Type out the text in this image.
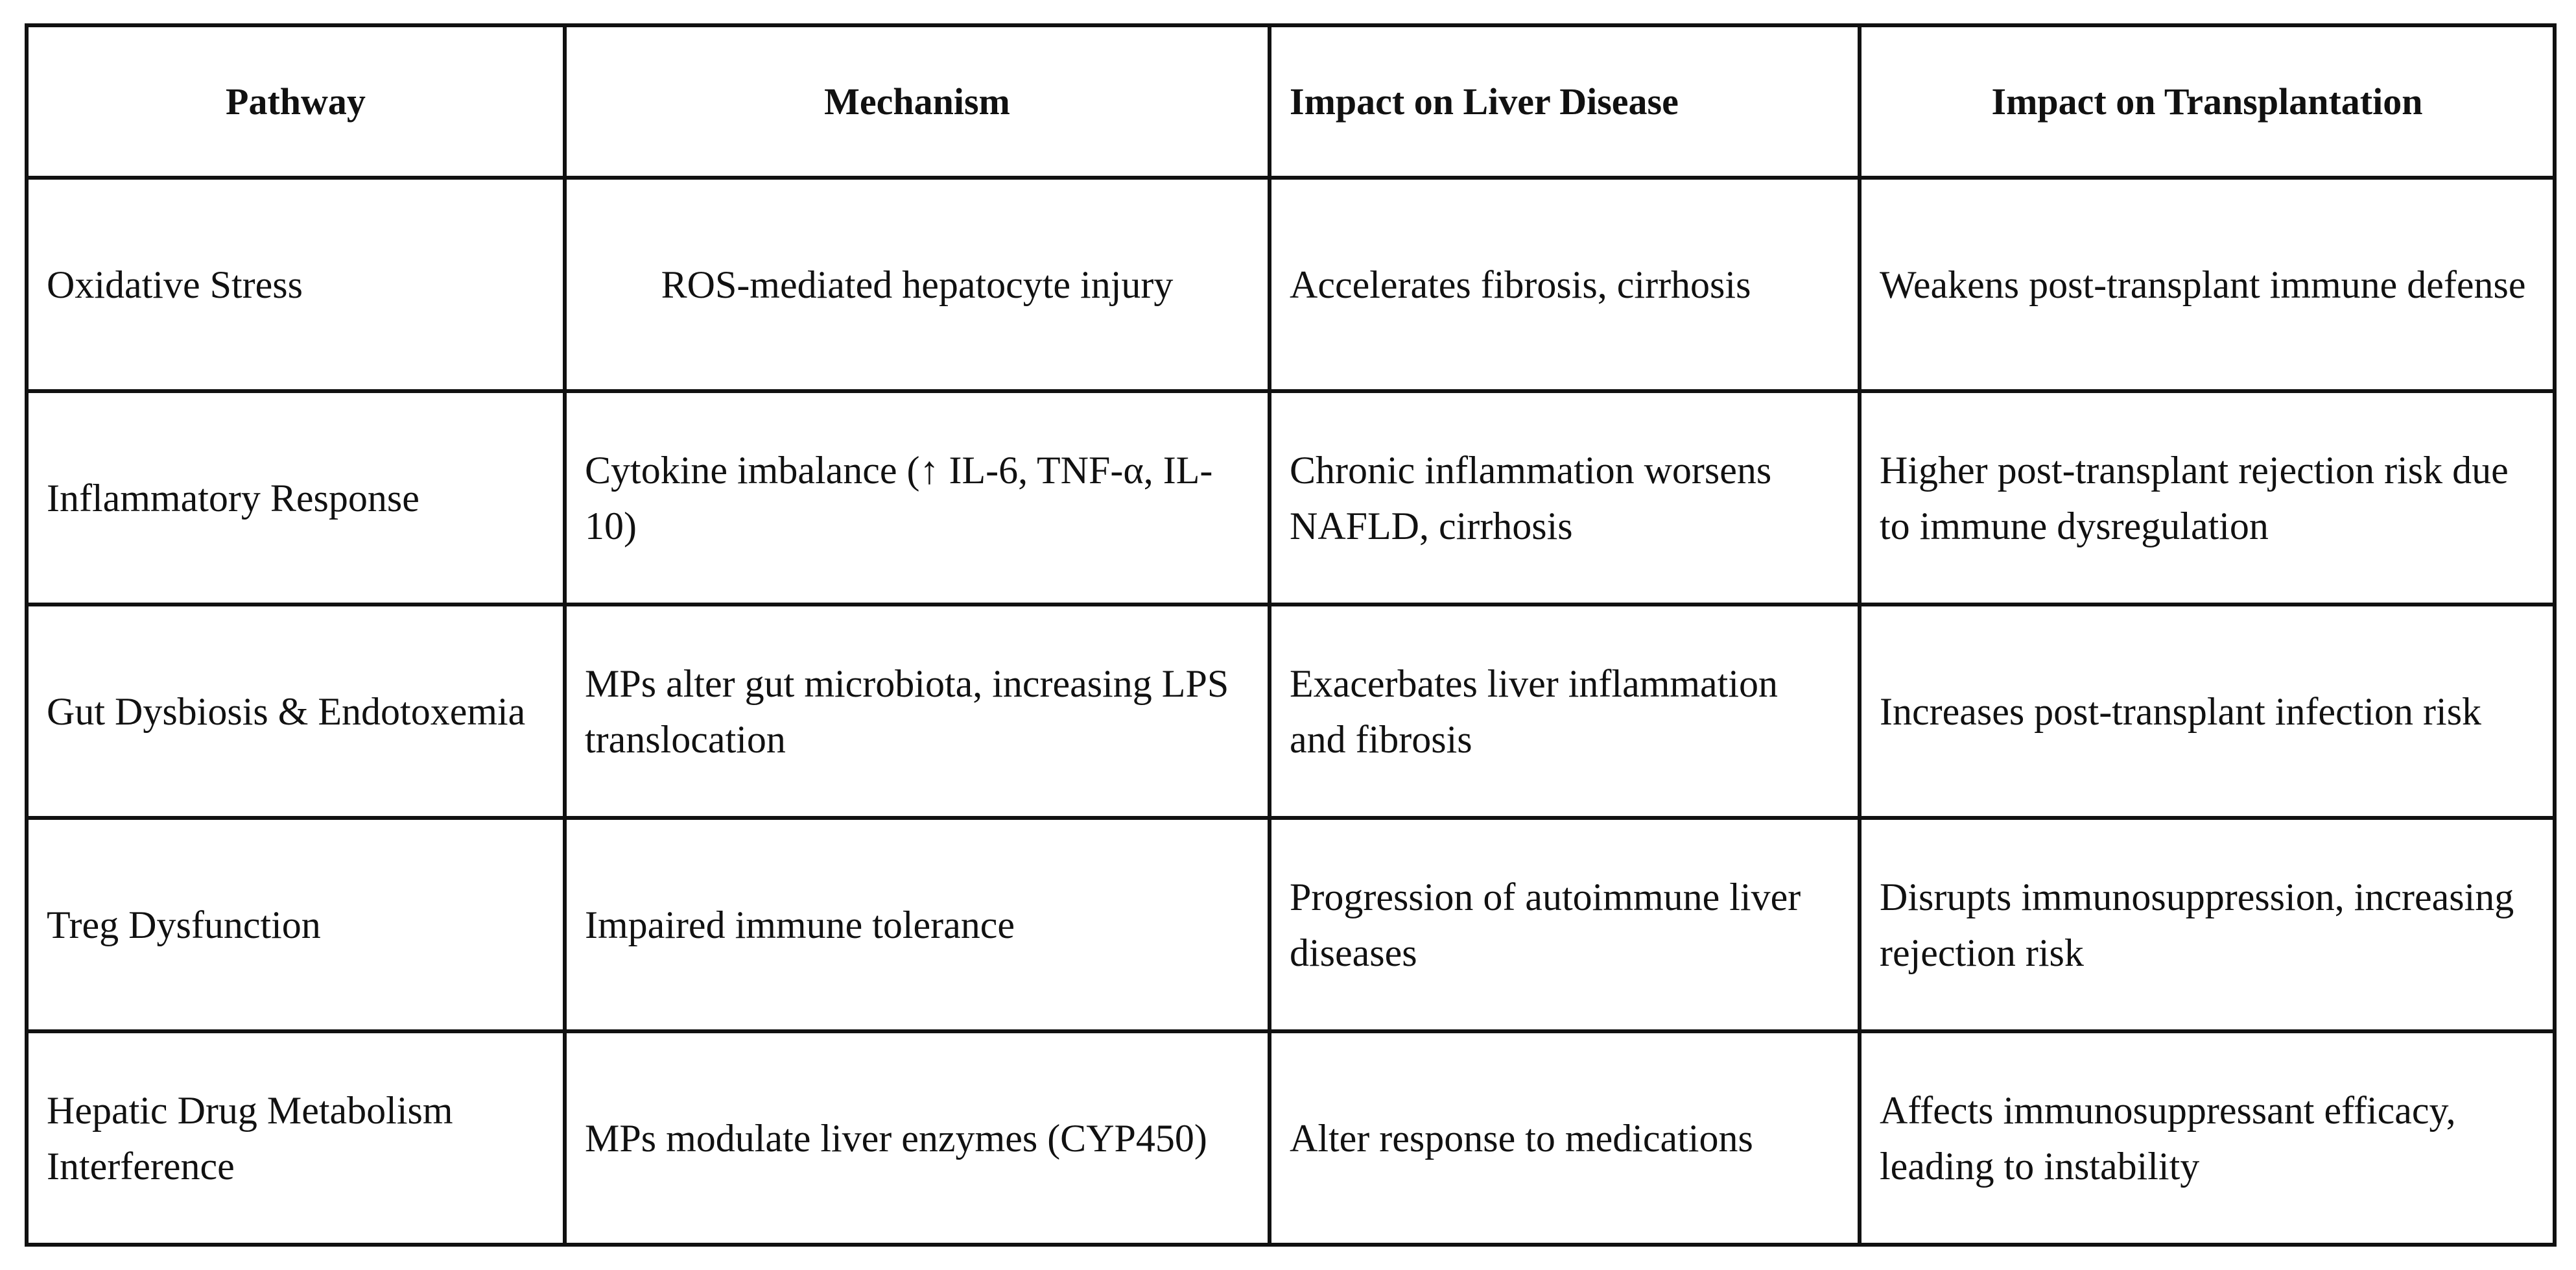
Pathway	Mechanism	Impact on Liver Disease	Impact on Transplantation
Oxidative Stress	ROS-mediated hepatocyte injury	Accelerates fibrosis, cirrhosis	Weakens post-transplant immune defense
Inflammatory Response	Cytokine imbalance (↑ IL-6, TNF-α, IL-10)	Chronic inflammation worsens NAFLD, cirrhosis	Higher post-transplant rejection risk due to immune dysregulation
Gut Dysbiosis & Endotoxemia	MPs alter gut microbiota, increasing LPS translocation	Exacerbates liver inflammation and fibrosis	Increases post-transplant infection risk
Treg Dysfunction	Impaired immune tolerance	Progression of autoimmune liver diseases	Disrupts immunosuppression, increasing rejection risk
Hepatic Drug Metabolism Interference	MPs modulate liver enzymes (CYP450)	Alter response to medications	Affects immunosuppressant efficacy, leading to instability
